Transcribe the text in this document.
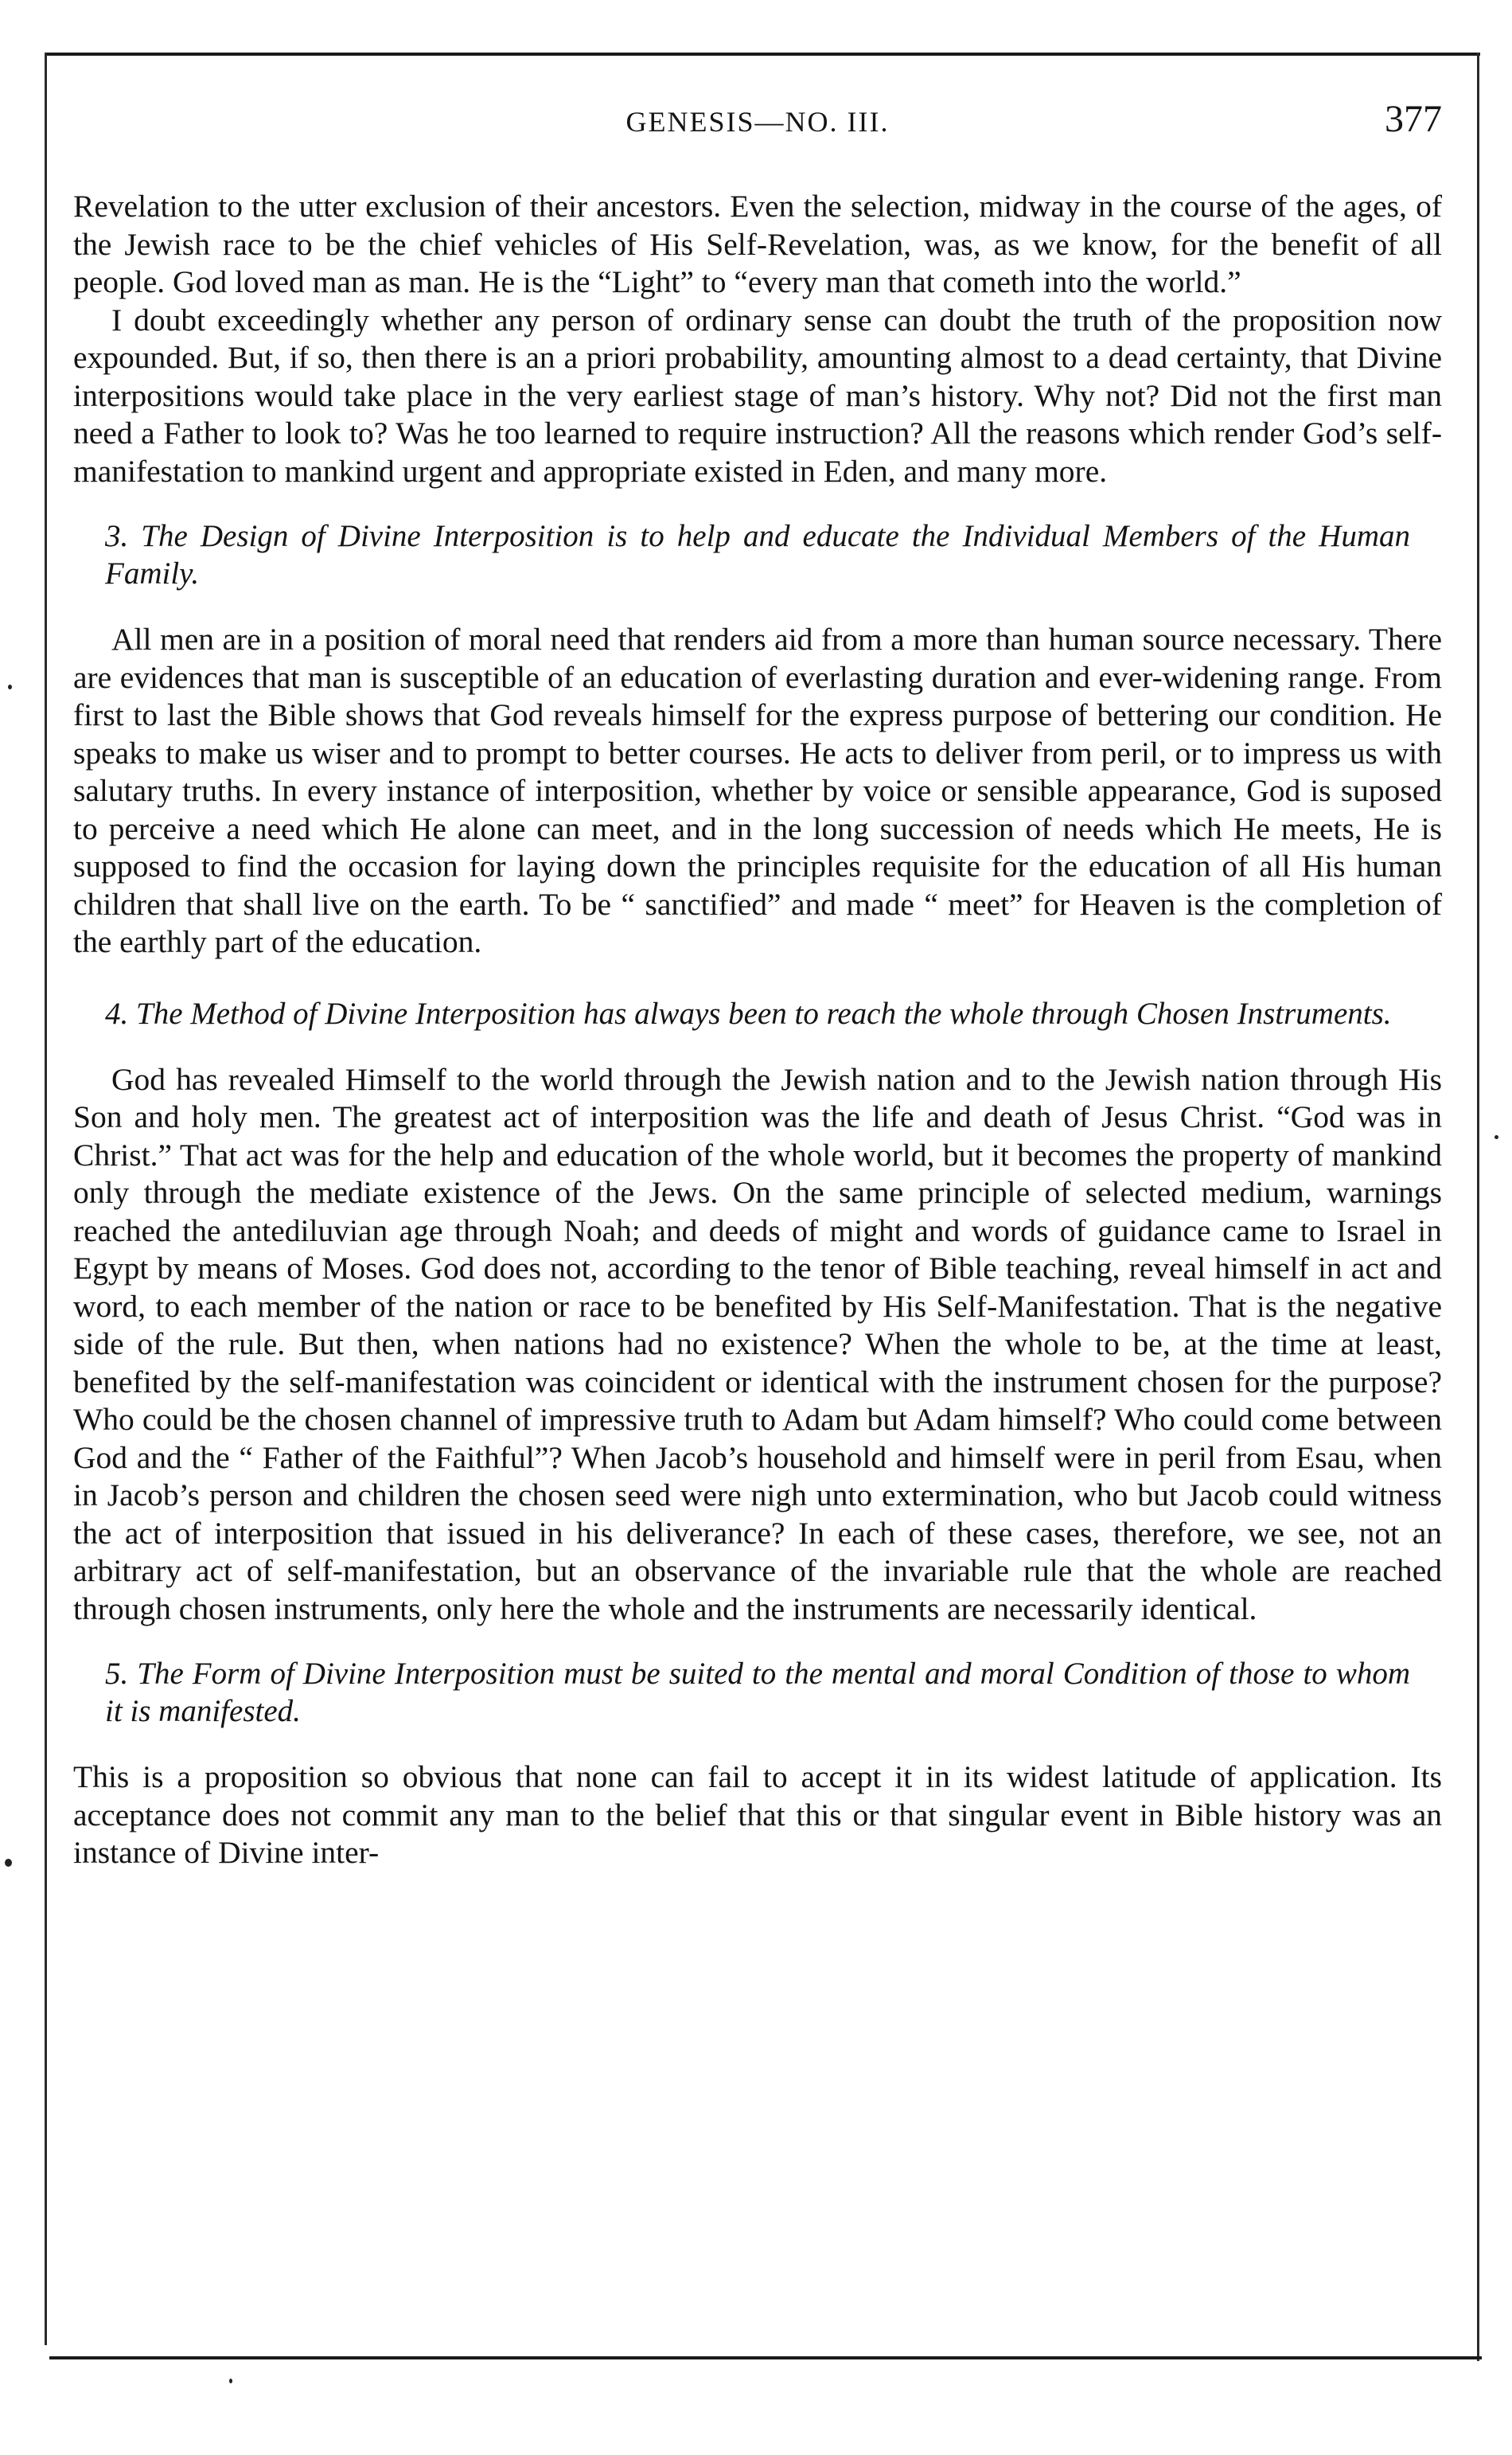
GENESIS—NO. III.	377

Revelation to the utter exclusion of their ancestors. Even the selection, midway in the course of the ages, of the Jewish race to be the chief vehicles of His Self-Revelation, was, as we know, for the benefit of all people. God loved man as man. He is the “Light” to “every man that cometh into the world.”

I doubt exceedingly whether any person of ordinary sense can doubt the truth of the proposition now expounded. But, if so, then there is an a priori probability, amounting almost to a dead certainty, that Divine interpositions would take place in the very earliest stage of man’s history. Why not? Did not the first man need a Father to look to? Was he too learned to require instruction? All the reasons which render God’s self-manifestation to mankind urgent and appropriate existed in Eden, and many more.

3. The Design of Divine Interposition is to help and educate the Individual Members of the Human Family.

All men are in a position of moral need that renders aid from a more than human source necessary. There are evidences that man is susceptible of an education of everlasting duration and ever-widening range. From first to last the Bible shows that God reveals himself for the express purpose of bettering our condition. He speaks to make us wiser and to prompt to better courses. He acts to deliver from peril, or to impress us with salutary truths. In every instance of interposition, whether by voice or sensible appearance, God is suposed to perceive a need which He alone can meet, and in the long succession of needs which He meets, He is supposed to find the occasion for laying down the principles requisite for the education of all His human children that shall live on the earth. To be “ sanctified” and made “ meet” for Heaven is the completion of the earthly part of the education.

4. The Method of Divine Interposition has always been to reach the whole through Chosen Instruments.

God has revealed Himself to the world through the Jewish nation and to the Jewish nation through His Son and holy men. The greatest act of interposition was the life and death of Jesus Christ. “God was in Christ.” That act was for the help and education of the whole world, but it becomes the property of mankind only through the mediate existence of the Jews. On the same principle of selected medium, warnings reached the antediluvian age through Noah; and deeds of might and words of guidance came to Israel in Egypt by means of Moses. God does not, according to the tenor of Bible teaching, reveal himself in act and word, to each member of the nation or race to be benefited by His Self-Manifestation. That is the negative side of the rule. But then, when nations had no existence? When the whole to be, at the time at least, benefited by the self-manifestation was coincident or identical with the instrument chosen for the purpose? Who could be the chosen channel of impressive truth to Adam but Adam himself? Who could come between God and the “ Father of the Faithful”? When Jacob’s household and himself were in peril from Esau, when in Jacob’s person and children the chosen seed were nigh unto extermination, who but Jacob could witness the act of interposition that issued in his deliverance? In each of these cases, therefore, we see, not an arbitrary act of self-manifestation, but an observance of the invariable rule that the whole are reached through chosen instruments, only here the whole and the instruments are necessarily identical.

5. The Form of Divine Interposition must be suited to the mental and moral Condition of those to whom it is manifested.

This is a proposition so obvious that none can fail to accept it in its widest latitude of application. Its acceptance does not commit any man to the belief that this or that singular event in Bible history was an instance of Divine inter-
